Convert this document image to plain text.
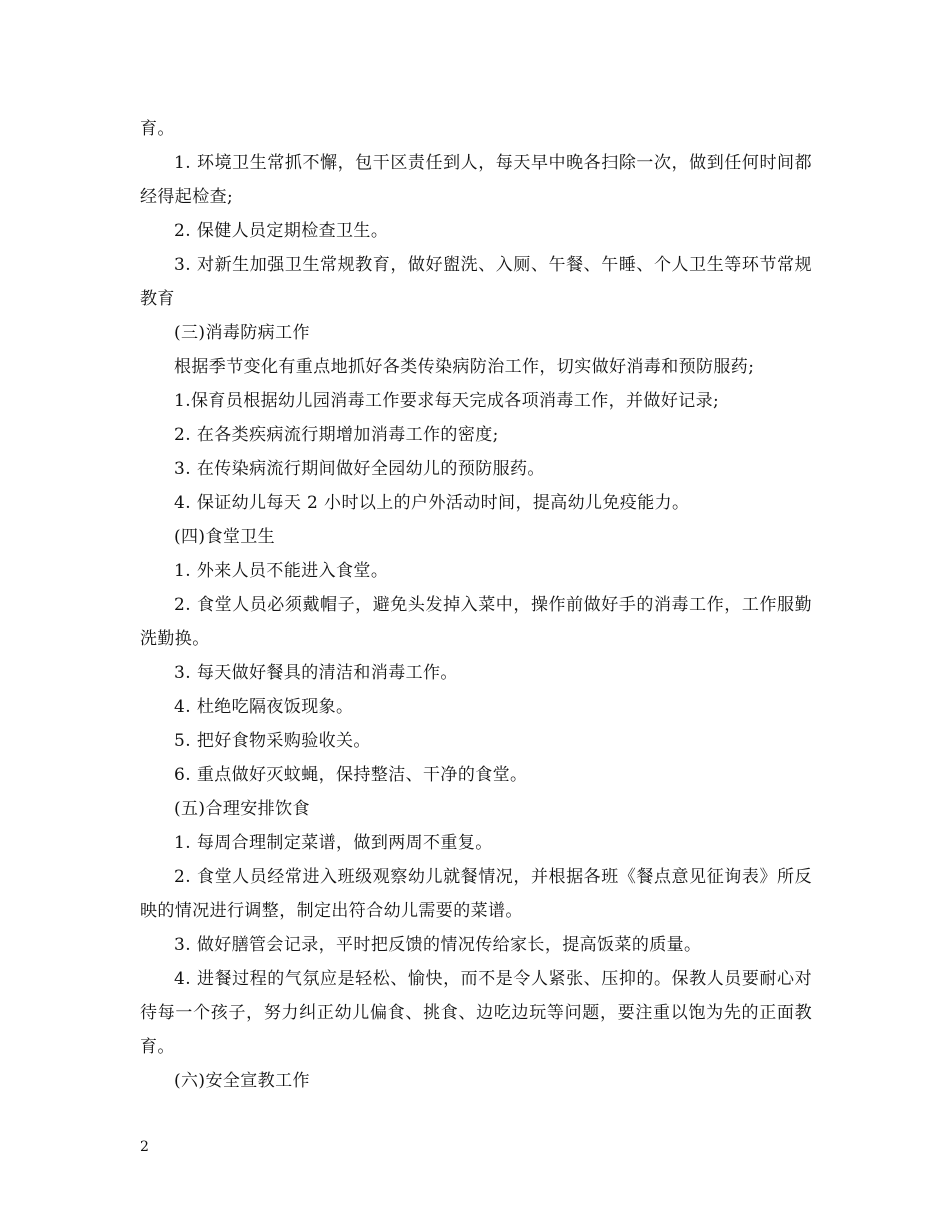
育。

1. 环境卫生常抓不懈，包干区责任到人，每天早中晚各扫除一次，做到任何时间都经得起检查;

2. 保健人员定期检查卫生。

3. 对新生加强卫生常规教育，做好盥洗、入厕、午餐、午睡、个人卫生等环节常规教育

(三)消毒防病工作

根据季节变化有重点地抓好各类传染病防治工作，切实做好消毒和预防服药;

1.保育员根据幼儿园消毒工作要求每天完成各项消毒工作，并做好记录;

2. 在各类疾病流行期增加消毒工作的密度;

3. 在传染病流行期间做好全园幼儿的预防服药。

4. 保证幼儿每天 2 小时以上的户外活动时间，提高幼儿免疫能力。

(四)食堂卫生

1. 外来人员不能进入食堂。

2. 食堂人员必须戴帽子，避免头发掉入菜中，操作前做好手的消毒工作，工作服勤洗勤换。

3. 每天做好餐具的清洁和消毒工作。

4. 杜绝吃隔夜饭现象。

5. 把好食物采购验收关。

6. 重点做好灭蚊蝇，保持整洁、干净的食堂。

(五)合理安排饮食

1. 每周合理制定菜谱，做到两周不重复。

2. 食堂人员经常进入班级观察幼儿就餐情况，并根据各班《餐点意见征询表》所反映的情况进行调整，制定出符合幼儿需要的菜谱。

3. 做好膳管会记录，平时把反馈的情况传给家长，提高饭菜的质量。

4. 进餐过程的气氛应是轻松、愉快，而不是令人紧张、压抑的。保教人员要耐心对待每一个孩子，努力纠正幼儿偏食、挑食、边吃边玩等问题，要注重以饱为先的正面教育。

(六)安全宣教工作

2
